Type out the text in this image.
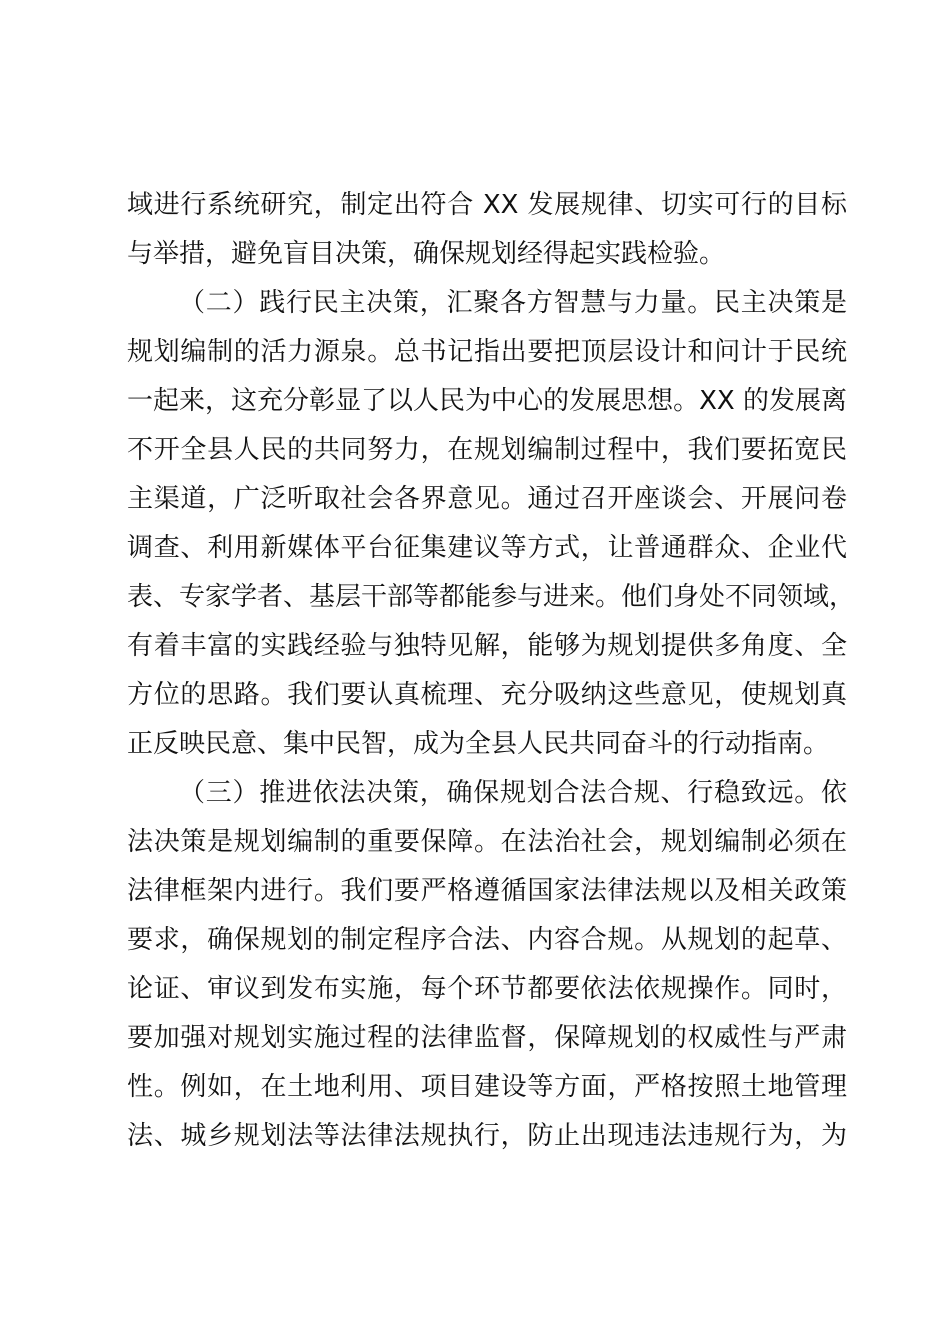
域进行系统研究，制定出符合 XX 发展规律、切实可行的目标
与举措，避免盲目决策，确保规划经得起实践检验。
（二）践行民主决策，汇聚各方智慧与力量。民主决策是
规划编制的活力源泉。总书记指出要把顶层设计和问计于民统
一起来，这充分彰显了以人民为中心的发展思想。XX 的发展离
不开全县人民的共同努力，在规划编制过程中，我们要拓宽民
主渠道，广泛听取社会各界意见。通过召开座谈会、开展问卷
调查、利用新媒体平台征集建议等方式，让普通群众、企业代
表、专家学者、基层干部等都能参与进来。他们身处不同领域，
有着丰富的实践经验与独特见解，能够为规划提供多角度、全
方位的思路。我们要认真梳理、充分吸纳这些意见，使规划真
正反映民意、集中民智，成为全县人民共同奋斗的行动指南。
（三）推进依法决策，确保规划合法合规、行稳致远。依
法决策是规划编制的重要保障。在法治社会，规划编制必须在
法律框架内进行。我们要严格遵循国家法律法规以及相关政策
要求，确保规划的制定程序合法、内容合规。从规划的起草、
论证、审议到发布实施，每个环节都要依法依规操作。同时，
要加强对规划实施过程的法律监督，保障规划的权威性与严肃
性。例如，在土地利用、项目建设等方面，严格按照土地管理
法、城乡规划法等法律法规执行，防止出现违法违规行为，为
